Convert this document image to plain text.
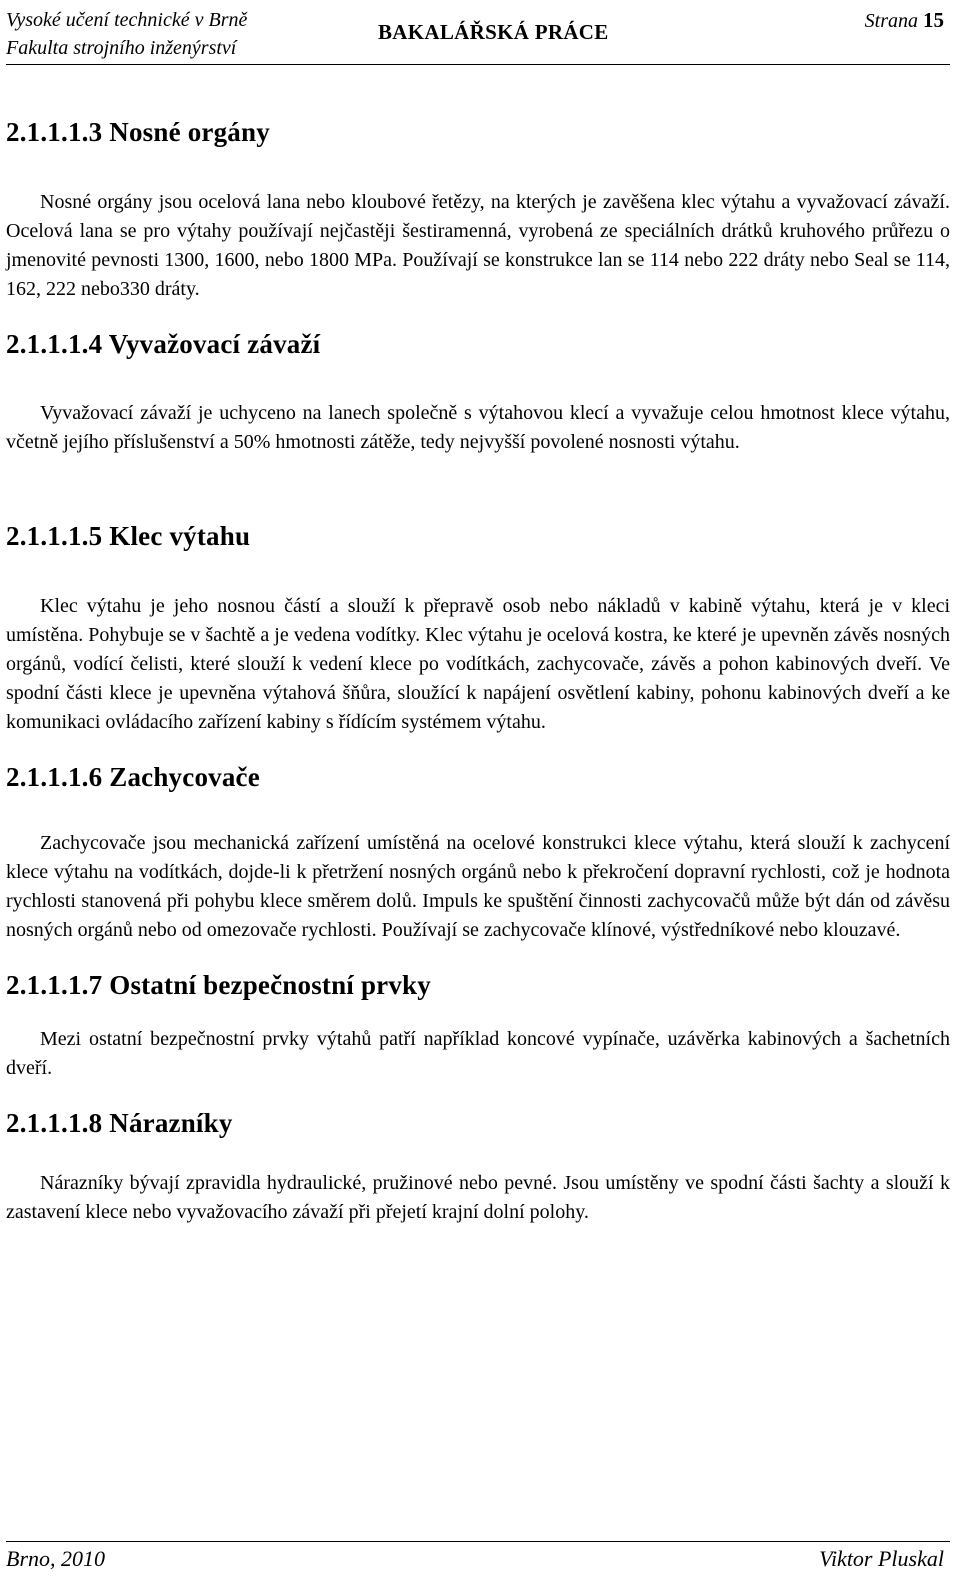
Vysoké učení technické v Brně
Fakulta strojního inženýrství
BAKALÁŘSKÁ PRÁCE	Strana 15
2.1.1.1.3 Nosné orgány

Nosné orgány jsou ocelová lana nebo kloubové řetězy, na kterých je zavěšena klec výtahu a vyvažovací závaží. Ocelová lana se pro výtahy používají nejčastěji šestiramenná, vyrobená ze speciálních drátků kruhového průřezu o jmenovité pevnosti 1300, 1600, nebo 1800 MPa. Používají se konstrukce lan se 114 nebo 222 dráty nebo Seal se 114, 162, 222 nebo330 dráty.

2.1.1.1.4 Vyvažovací závaží

Vyvažovací závaží je uchyceno na lanech společně s výtahovou klecí a vyvažuje celou hmotnost klece výtahu, včetně jejího příslušenství a 50% hmotnosti zátěže, tedy nejvyšší povolené nosnosti výtahu.

2.1.1.1.5 Klec výtahu

Klec výtahu je jeho nosnou částí a slouží k přepravě osob nebo nákladů v kabině výtahu, která je v kleci umístěna. Pohybuje se v šachtě a je vedena vodítky. Klec výtahu je ocelová kostra, ke které je upevněn závěs nosných orgánů, vodící čelisti, které slouží k vedení klece po vodítkách, zachycovače, závěs a pohon kabinových dveří. Ve spodní části klece je upevněna výtahová šňůra, sloužící k napájení osvětlení kabiny, pohonu kabinových dveří a ke komunikaci ovládacího zařízení kabiny s řídícím systémem výtahu.

2.1.1.1.6 Zachycovače

Zachycovače jsou mechanická zařízení umístěná na ocelové konstrukci klece výtahu, která slouží k zachycení klece výtahu na vodítkách, dojde-li k přetržení nosných orgánů nebo k překročení dopravní rychlosti, což je hodnota rychlosti stanovená při pohybu klece směrem dolů. Impuls ke spuštění činnosti zachycovačů může být dán od závěsu nosných orgánů nebo od omezovače rychlosti. Používají se zachycovače klínové, výstředníkové nebo klouzavé.

2.1.1.1.7 Ostatní bezpečnostní prvky

Mezi ostatní bezpečnostní prvky výtahů patří například koncové vypínače, uzávěrka kabinových a šachetních dveří.

2.1.1.1.8 Nárazníky

Nárazníky bývají zpravidla hydraulické, pružinové nebo pevné. Jsou umístěny ve spodní části šachty a slouží k zastavení klece nebo vyvažovacího závaží při přejetí krajní dolní polohy.

Brno, 2010	Viktor Pluskal
